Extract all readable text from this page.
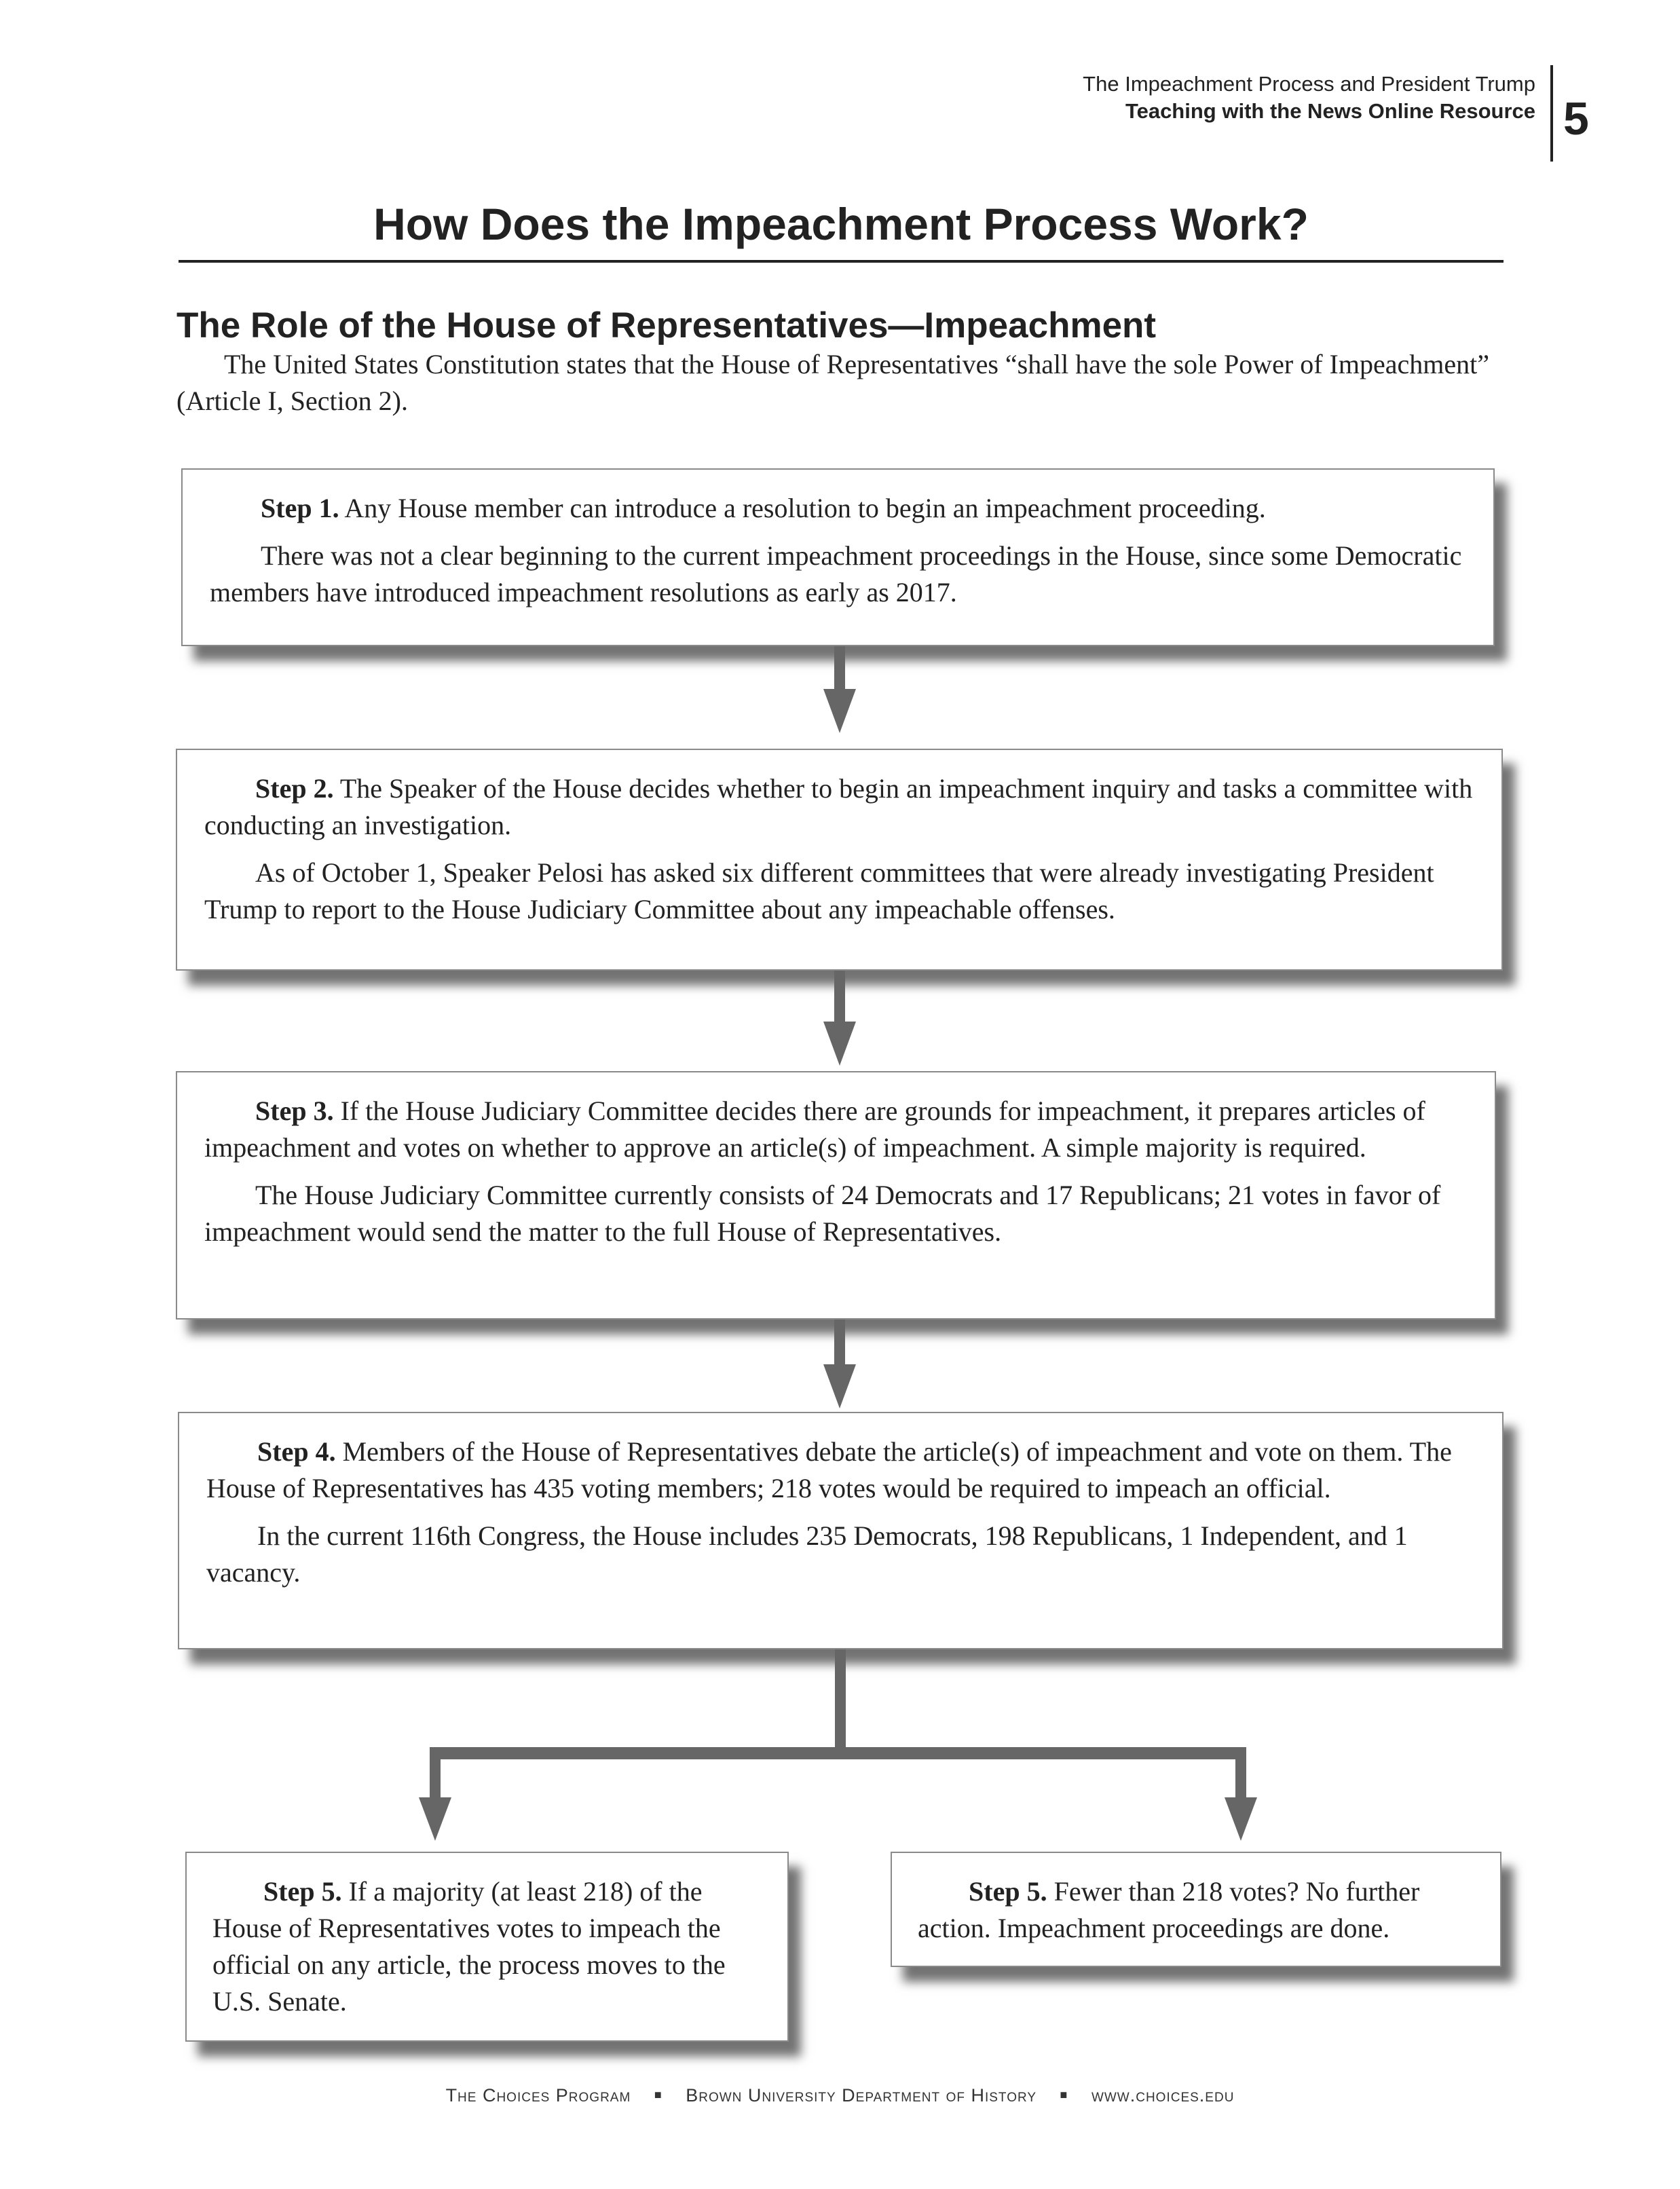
The Impeachment Process and President Trump
Teaching with the News Online Resource 5
How Does the Impeachment Process Work?
The Role of the House of Representatives—Impeachment

The United States Constitution states that the House of Representatives “shall have the sole Power of Impeachment” (Article I, Section 2).

Step 1. Any House member can introduce a resolution to begin an impeachment proceeding.

There was not a clear beginning to the current impeachment proceedings in the House, since some Democratic members have introduced impeachment resolutions as early as 2017.

Step 2. The Speaker of the House decides whether to begin an impeachment inquiry and tasks a committee with conducting an investigation.

As of October 1, Speaker Pelosi has asked six different committees that were already investigating President Trump to report to the House Judiciary Committee about any impeachable offenses.

Step 3. If the House Judiciary Committee decides there are grounds for impeachment, it prepares articles of impeachment and votes on whether to approve an article(s) of impeachment. A simple majority is required.

The House Judiciary Committee currently consists of 24 Democrats and 17 Republicans; 21 votes in favor of impeachment would send the matter to the full House of Representatives.

Step 4. Members of the House of Representatives debate the article(s) of impeachment and vote on them. The House of Representatives has 435 voting members; 218 votes would be required to impeach an official.

In the current 116th Congress, the House includes 235 Democrats, 198 Republicans, 1 Independent, and 1 vacancy.

Step 5. If a majority (at least 218) of the House of Representatives votes to impeach the official on any article, the process moves to the U.S. Senate.

Step 5. Fewer than 218 votes? No further action. Impeachment proceedings are done.

The Choices Program ■ Brown University Department of History ■ www.choices.edu
